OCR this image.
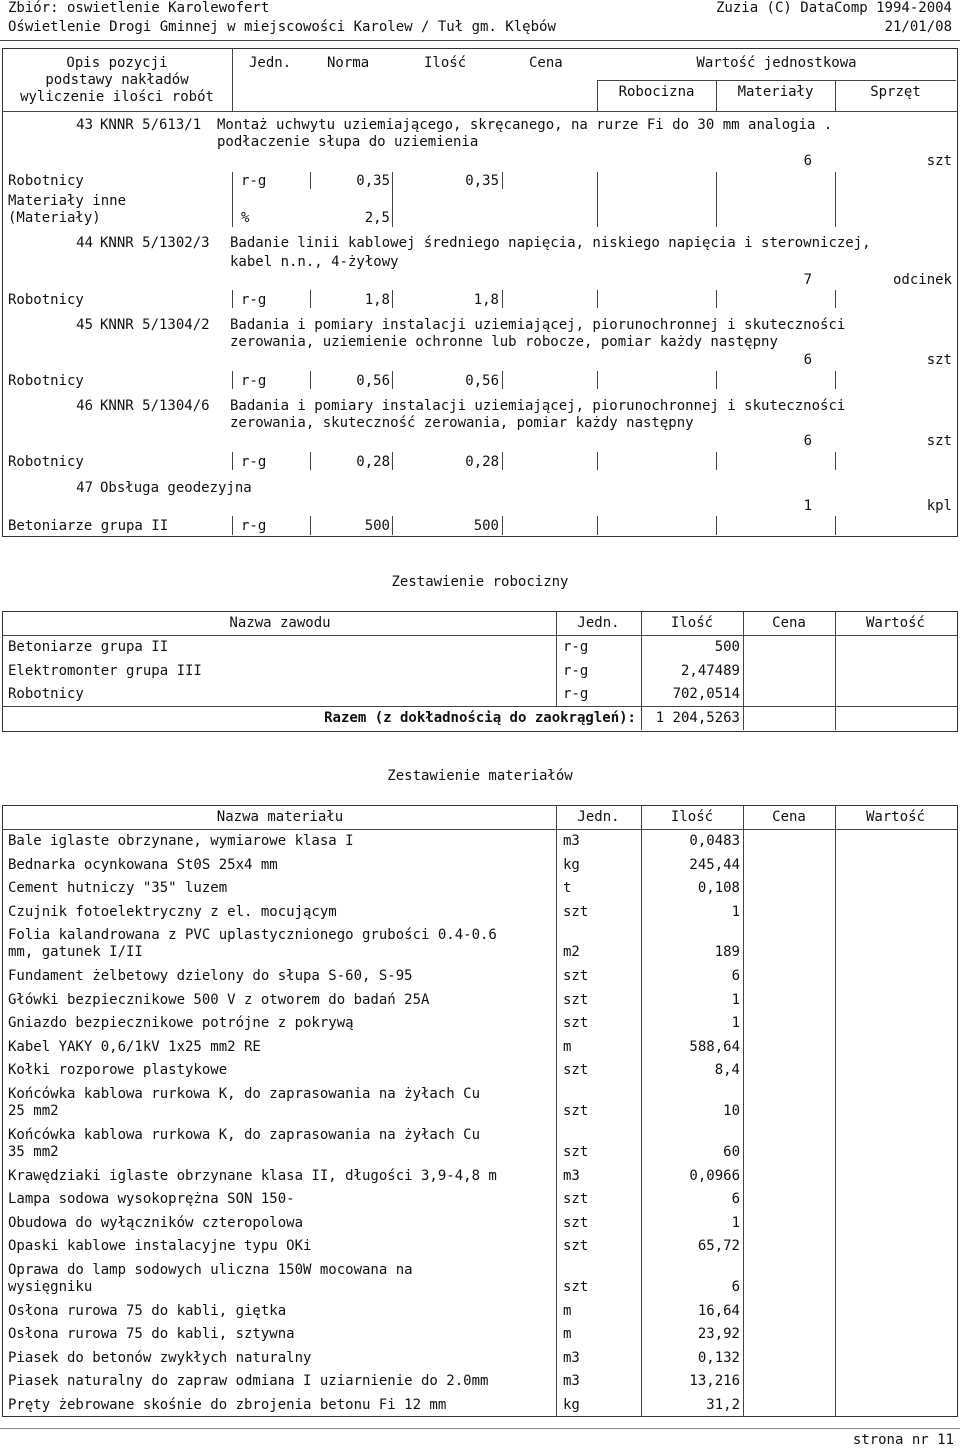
Zbiór: oswietlenie Karolewofert	Zuzia (C) DataComp 1994-2004
Oświetlenie Drogi Gminnej w miejscowości Karolew / Tuł gm. Klębów	21/01/08
Opis pozycji
podstawy nakładów
wyliczenie ilości robót
Jedn.	Norma	Ilość	Cena	Wartość jednostkowa
Robocizna	Materiały	Sprzęt
43 KNNR 5/613/1 Montaż uchwytu uziemiającego, skręcanego, na rurze Fi do 30 mm analogia .
podłaczenie słupa do uziemienia
6	szt
Robotnicy	r-g	0,35	0,35
Materiały inne
(Materiały)	%	2,5
44 KNNR 5/1302/3 Badanie linii kablowej średniego napięcia, niskiego napięcia i sterowniczej,
kabel n.n., 4-żyłowy
7	odcinek
Robotnicy	r-g	1,8	1,8
45 KNNR 5/1304/2 Badania i pomiary instalacji uziemiającej, piorunochronnej i skuteczności
zerowania, uziemienie ochronne lub robocze, pomiar każdy następny
6	szt
Robotnicy	r-g	0,56	0,56
46 KNNR 5/1304/6 Badania i pomiary instalacji uziemiającej, piorunochronnej i skuteczności
zerowania, skuteczność zerowania, pomiar każdy następny
6	szt
Robotnicy	r-g	0,28	0,28
47 Obsługa geodezyjna
1	kpl
Betoniarze grupa II	r-g	500	500
Zestawienie robocizny
Nazwa zawodu	Jedn.	Ilość	Cena	Wartość
Betoniarze grupa II	r-g	500
Elektromonter grupa III	r-g	2,47489
Robotnicy	r-g	702,0514
Razem (z dokładnością do zaokrągleń):	1 204,5263
Zestawienie materiałów
Nazwa materiału	Jedn.	Ilość	Cena	Wartość
Bale iglaste obrzynane, wymiarowe klasa I	m3	0,0483
Bednarka ocynkowana St0S 25x4 mm	kg	245,44
Cement hutniczy "35" luzem	t	0,108
Czujnik fotoelektryczny z el. mocującym	szt	1
Folia kalandrowana z PVC uplastycznionego grubości 0.4-0.6
mm, gatunek I/II	m2	189
Fundament żelbetowy dzielony do słupa S-60, S-95	szt	6
Główki bezpiecznikowe 500 V z otworem do badań 25A	szt	1
Gniazdo bezpiecznikowe potrójne z pokrywą	szt	1
Kabel YAKY 0,6/1kV 1x25 mm2 RE	m	588,64
Kołki rozporowe plastykowe	szt	8,4
Końcówka kablowa rurkowa K, do zaprasowania na żyłach Cu
25 mm2	szt	10
Końcówka kablowa rurkowa K, do zaprasowania na żyłach Cu
35 mm2	szt	60
Krawędziaki iglaste obrzynane klasa II, długości 3,9-4,8 m	m3	0,0966
Lampa sodowa wysokoprężna SON 150-	szt	6
Obudowa do wyłączników czteropolowa	szt	1
Opaski kablowe instalacyjne typu OKi	szt	65,72
Oprawa do lamp sodowych uliczna 150W mocowana na
wysięgniku	szt	6
Osłona rurowa 75 do kabli, giętka	m	16,64
Osłona rurowa 75 do kabli, sztywna	m	23,92
Piasek do betonów zwykłych naturalny	m3	0,132
Piasek naturalny do zapraw odmiana I uziarnienie do 2.0mm	m3	13,216
Pręty żebrowane skośnie do zbrojenia betonu Fi 12 mm	kg	31,2
strona nr 11
